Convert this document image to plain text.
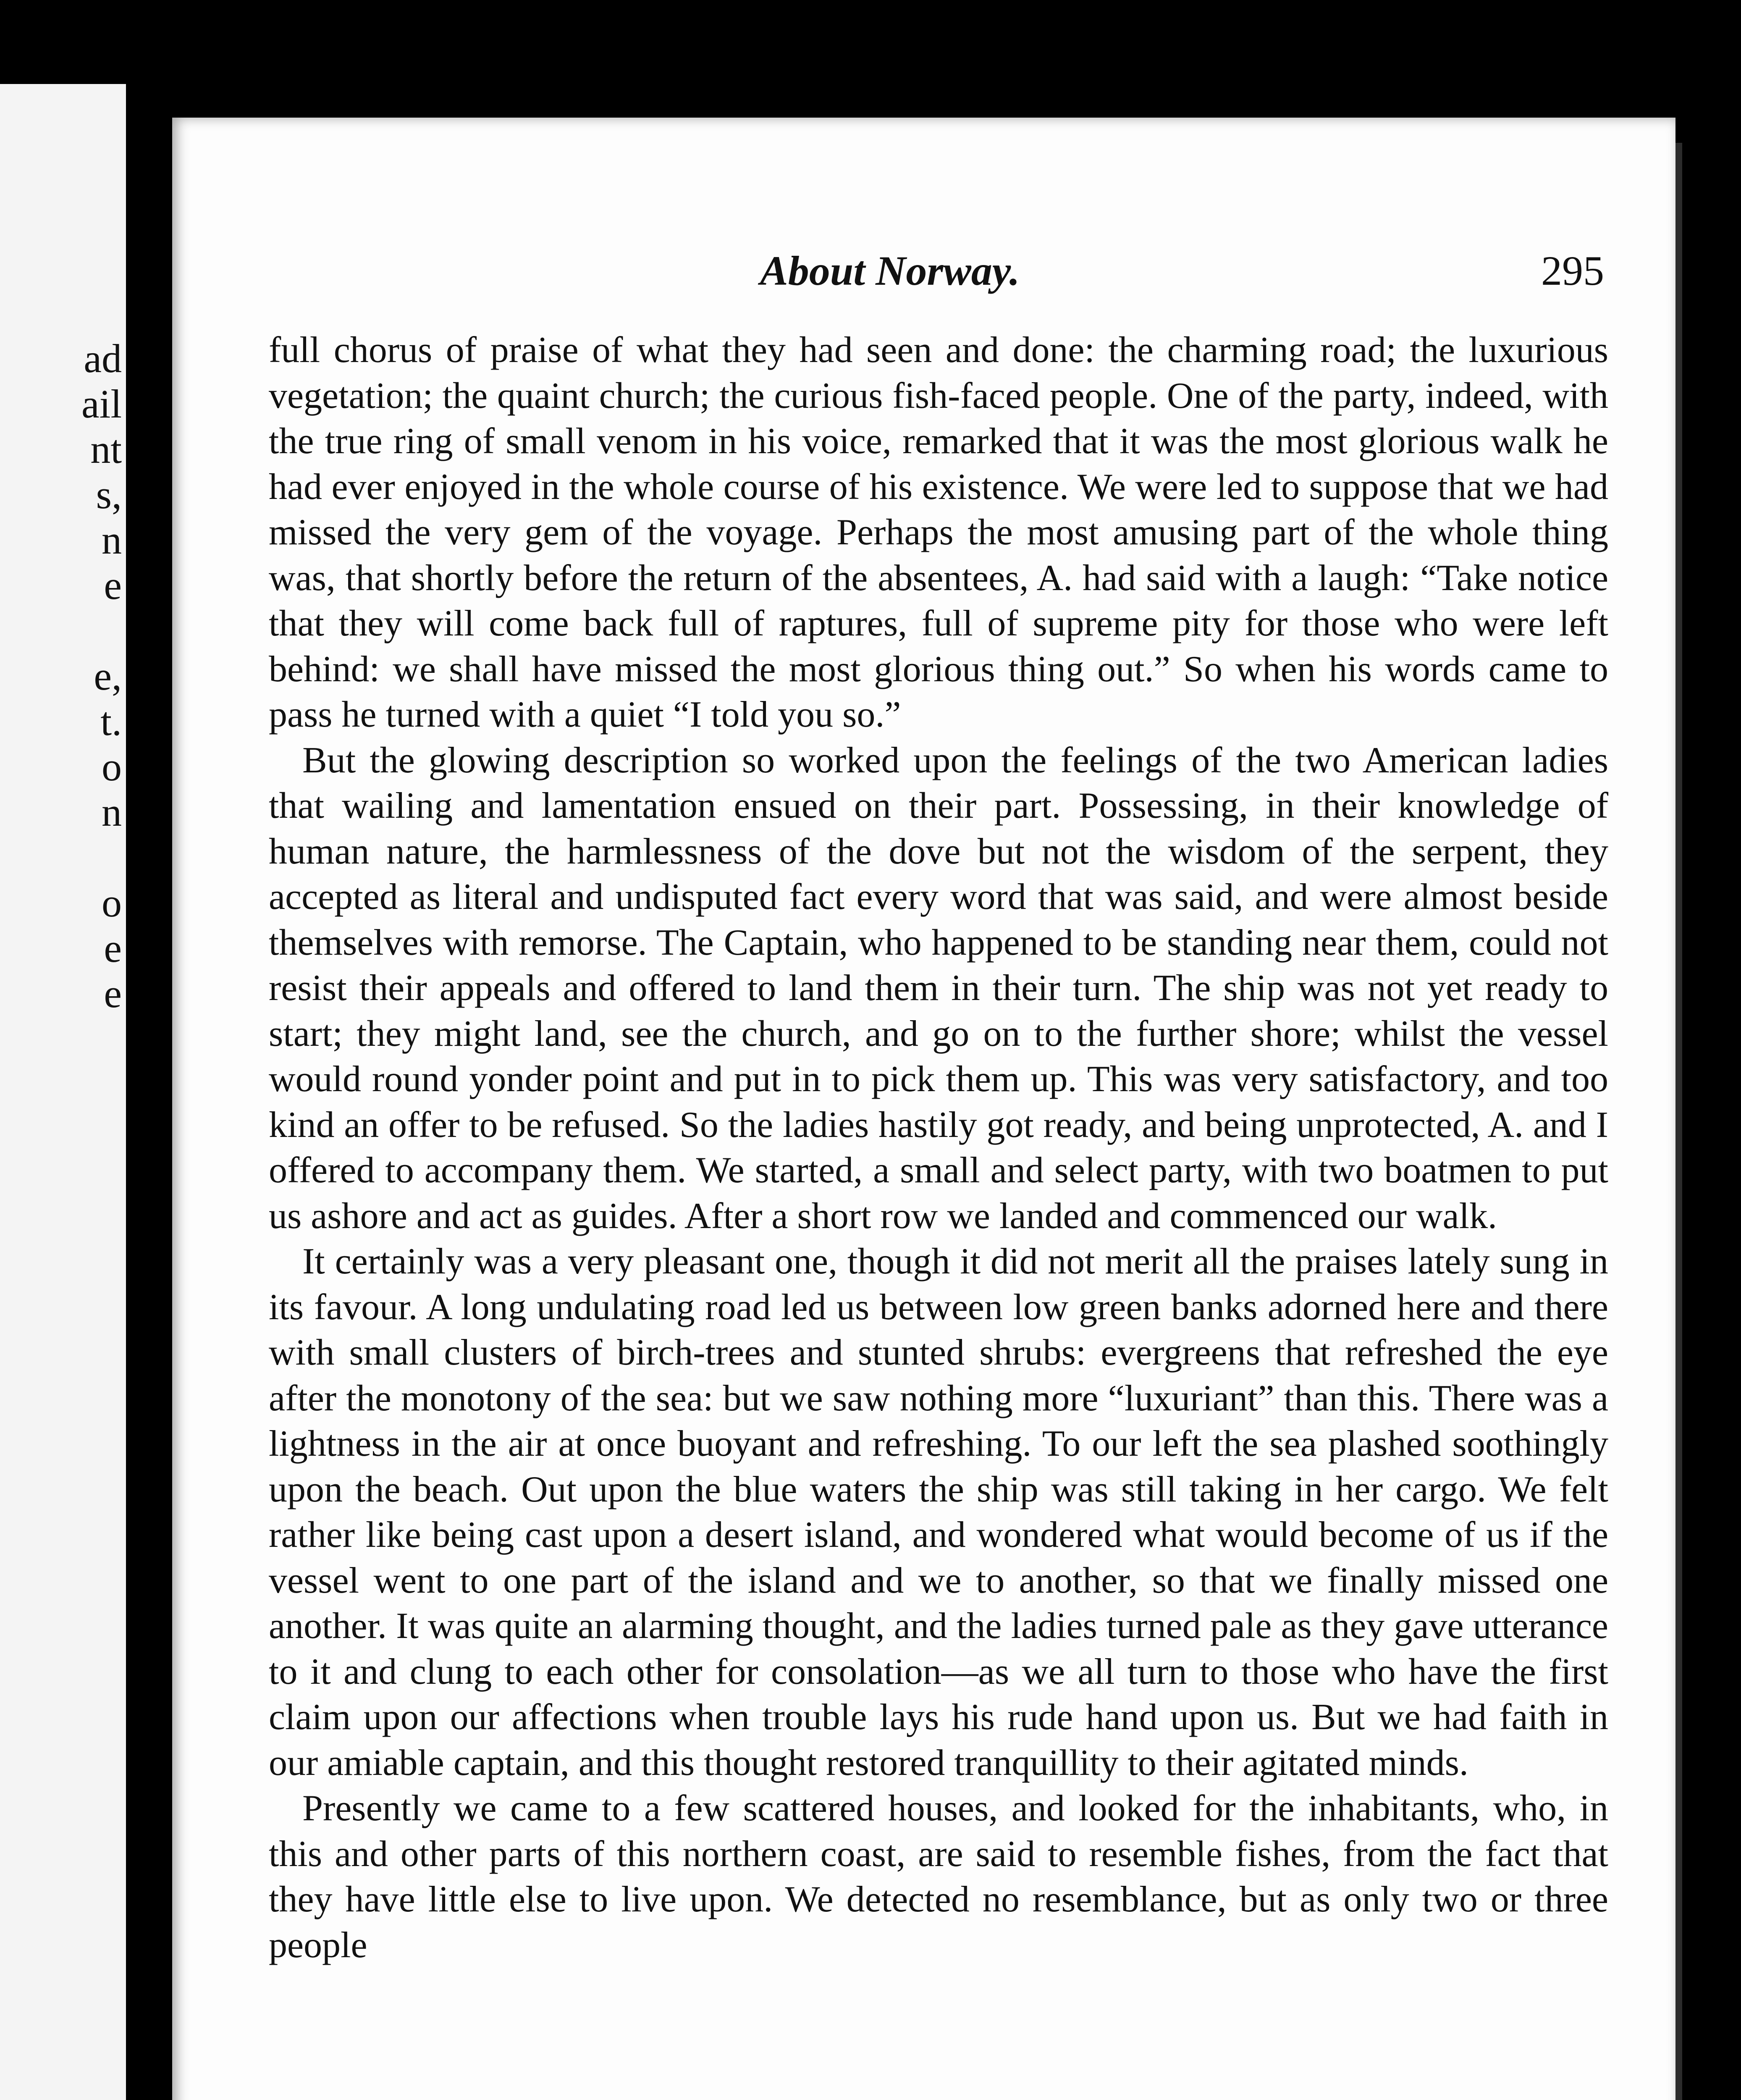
ad
ail
nt
s,
n
e
e,
t.
o
n
o
e
e
About Norway.	295

full chorus of praise of what they had seen and done: the charming road; the luxurious vegetation; the quaint church; the curious fish-faced people. One of the party, indeed, with the true ring of small venom in his voice, remarked that it was the most glorious walk he had ever enjoyed in the whole course of his existence. We were led to suppose that we had missed the very gem of the voyage. Perhaps the most amusing part of the whole thing was, that shortly before the return of the absentees, A. had said with a laugh: “Take notice that they will come back full of raptures, full of supreme pity for those who were left behind: we shall have missed the most glorious thing out.” So when his words came to pass he turned with a quiet “I told you so.”

But the glowing description so worked upon the feelings of the two American ladies that wailing and lamentation ensued on their part. Possessing, in their knowledge of human nature, the harmlessness of the dove but not the wisdom of the serpent, they accepted as literal and undisputed fact every word that was said, and were almost beside themselves with remorse. The Captain, who happened to be standing near them, could not resist their appeals and offered to land them in their turn. The ship was not yet ready to start; they might land, see the church, and go on to the further shore; whilst the vessel would round yonder point and put in to pick them up. This was very satisfactory, and too kind an offer to be refused. So the ladies hastily got ready, and being unprotected, A. and I offered to accompany them. We started, a small and select party, with two boatmen to put us ashore and act as guides. After a short row we landed and commenced our walk.

It certainly was a very pleasant one, though it did not merit all the praises lately sung in its favour. A long undulating road led us between low green banks adorned here and there with small clusters of birch-trees and stunted shrubs: evergreens that refreshed the eye after the monotony of the sea: but we saw nothing more “luxuriant” than this. There was a lightness in the air at once buoyant and refreshing. To our left the sea plashed soothingly upon the beach. Out upon the blue waters the ship was still taking in her cargo. We felt rather like being cast upon a desert island, and wondered what would become of us if the vessel went to one part of the island and we to another, so that we finally missed one another. It was quite an alarming thought, and the ladies turned pale as they gave utterance to it and clung to each other for consolation—as we all turn to those who have the first claim upon our affections when trouble lays his rude hand upon us. But we had faith in our amiable captain, and this thought restored tranquillity to their agitated minds.

Presently we came to a few scattered houses, and looked for the inhabitants, who, in this and other parts of this northern coast, are said to resemble fishes, from the fact that they have little else to live upon. We detected no resemblance, but as only two or three people
